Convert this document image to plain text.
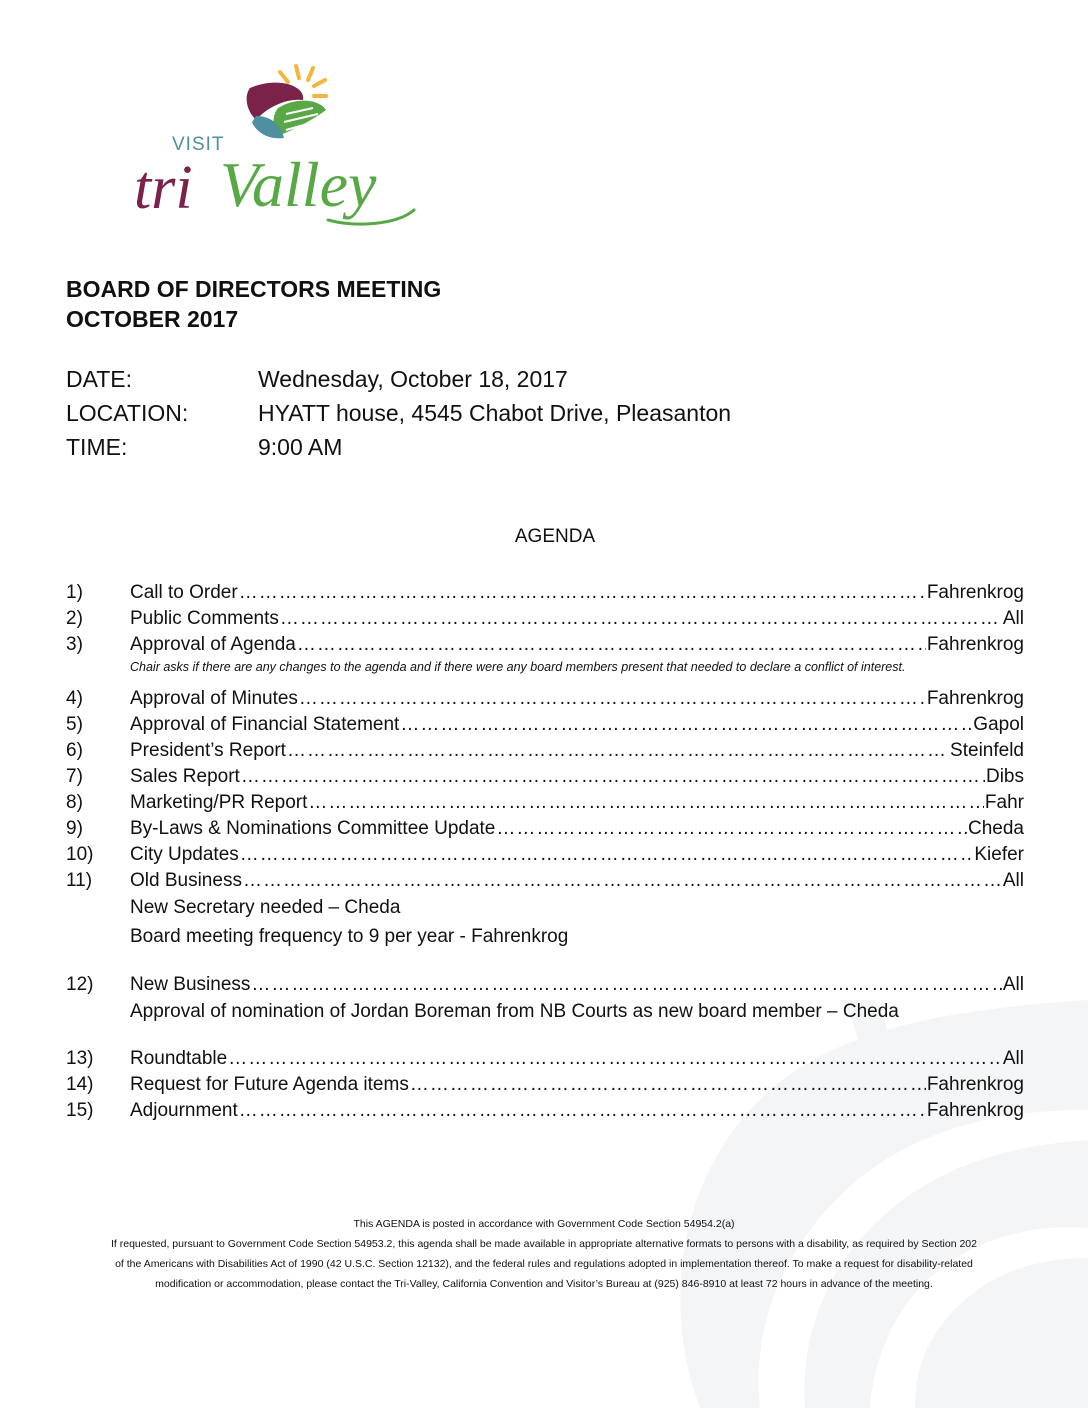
VISIT
tri Valley
BOARD OF DIRECTORS MEETING
OCTOBER 2017
DATE:	Wednesday, October 18, 2017
LOCATION:	HYATT house, 4545 Chabot Drive, Pleasanton
TIME:	9:00 AM
AGENDA
1)	Call to Order …………………………………………………………………………………………………………………………………………………………………………………………………	Fahrenkrog
2)	Public Comments …………………………………………………………………………………………………………………………………………………………………………………………………	All
3)	Approval of Agenda …………………………………………………………………………………………………………………………………………………………………………………………………	Fahrenkrog
Chair asks if there are any changes to the agenda and if there were any board members present that needed to declare a conflict of interest.
4)	Approval of Minutes …………………………………………………………………………………………………………………………………………………………………………………………………	Fahrenkrog
5)	Approval of Financial Statement …………………………………………………………………………………………………………………………………………………………………………………………………	Gapol
6)	President’s Report …………………………………………………………………………………………………………………………………………………………………………………………………	Steinfeld
7)	Sales Report …………………………………………………………………………………………………………………………………………………………………………………………………	Dibs
8)	Marketing/PR Report …………………………………………………………………………………………………………………………………………………………………………………………………	Fahr
9)	By-Laws & Nominations Committee Update …………………………………………………………………………………………………………………………………………………………………………………………………	Cheda
10)	City Updates …………………………………………………………………………………………………………………………………………………………………………………………………	Kiefer
11)	Old Business …………………………………………………………………………………………………………………………………………………………………………………………………	All
New Secretary needed – Cheda
Board meeting frequency to 9 per year - Fahrenkrog
12)	New Business …………………………………………………………………………………………………………………………………………………………………………………………………	All
Approval of nomination of Jordan Boreman from NB Courts as new board member – Cheda
13)	Roundtable …………………………………………………………………………………………………………………………………………………………………………………………………	All
14)	Request for Future Agenda items …………………………………………………………………………………………………………………………………………………………………………………………………	Fahrenkrog
15)	Adjournment …………………………………………………………………………………………………………………………………………………………………………………………………	Fahrenkrog
This AGENDA is posted in accordance with Government Code Section 54954.2(a)
If requested, pursuant to Government Code Section 54953.2, this agenda shall be made available in appropriate alternative formats to persons with a disability, as required by Section 202
of the Americans with Disabilities Act of 1990 (42 U.S.C. Section 12132), and the federal rules and regulations adopted in implementation thereof. To make a request for disability-related
modification or accommodation, please contact the Tri-Valley, California Convention and Visitor’s Bureau at (925) 846-8910 at least 72 hours in advance of the meeting.
